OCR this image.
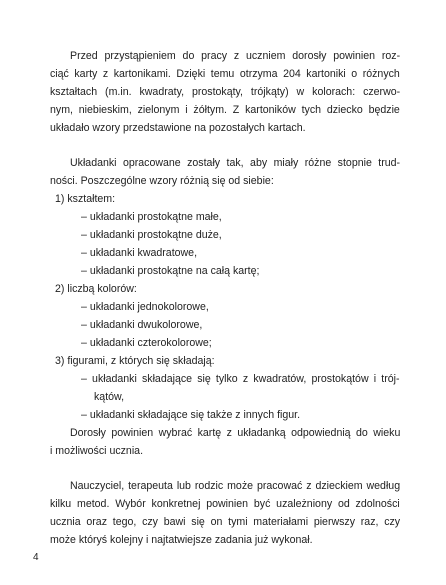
Przed przystąpieniem do pracy z uczniem dorosły powinien roz-
ciąć karty z kartonikami. Dzięki temu otrzyma 204 kartoniki o różnych
kształtach (m.in. kwadraty, prostokąty, trójkąty) w kolorach: czerwo-
nym, niebieskim, zielonym i żółtym. Z kartoników tych dziecko będzie
układało wzory przedstawione na pozostałych kartach.
Układanki opracowane zostały tak, aby miały różne stopnie trud-
ności. Poszczególne wzory różnią się od siebie:
1) kształtem:
– układanki prostokątne małe,
– układanki prostokątne duże,
– układanki kwadratowe,
– układanki prostokątne na całą kartę;
2) liczbą kolorów:
– układanki jednokolorowe,
– układanki dwukolorowe,
– układanki czterokolorowe;
3) figurami, z których się składają:
– układanki składające się tylko z kwadratów, prostokątów i trój-
kątów,
– układanki składające się także z innych figur.
Dorosły powinien wybrać kartę z układanką odpowiednią do wieku
i możliwości ucznia.
Nauczyciel, terapeuta lub rodzic może pracować z dzieckiem według
kilku metod. Wybór konkretnej powinien być uzależniony od zdolności
ucznia oraz tego, czy bawi się on tymi materiałami pierwszy raz, czy
może któryś kolejny i najtatwiejsze zadania już wykonał.
4
